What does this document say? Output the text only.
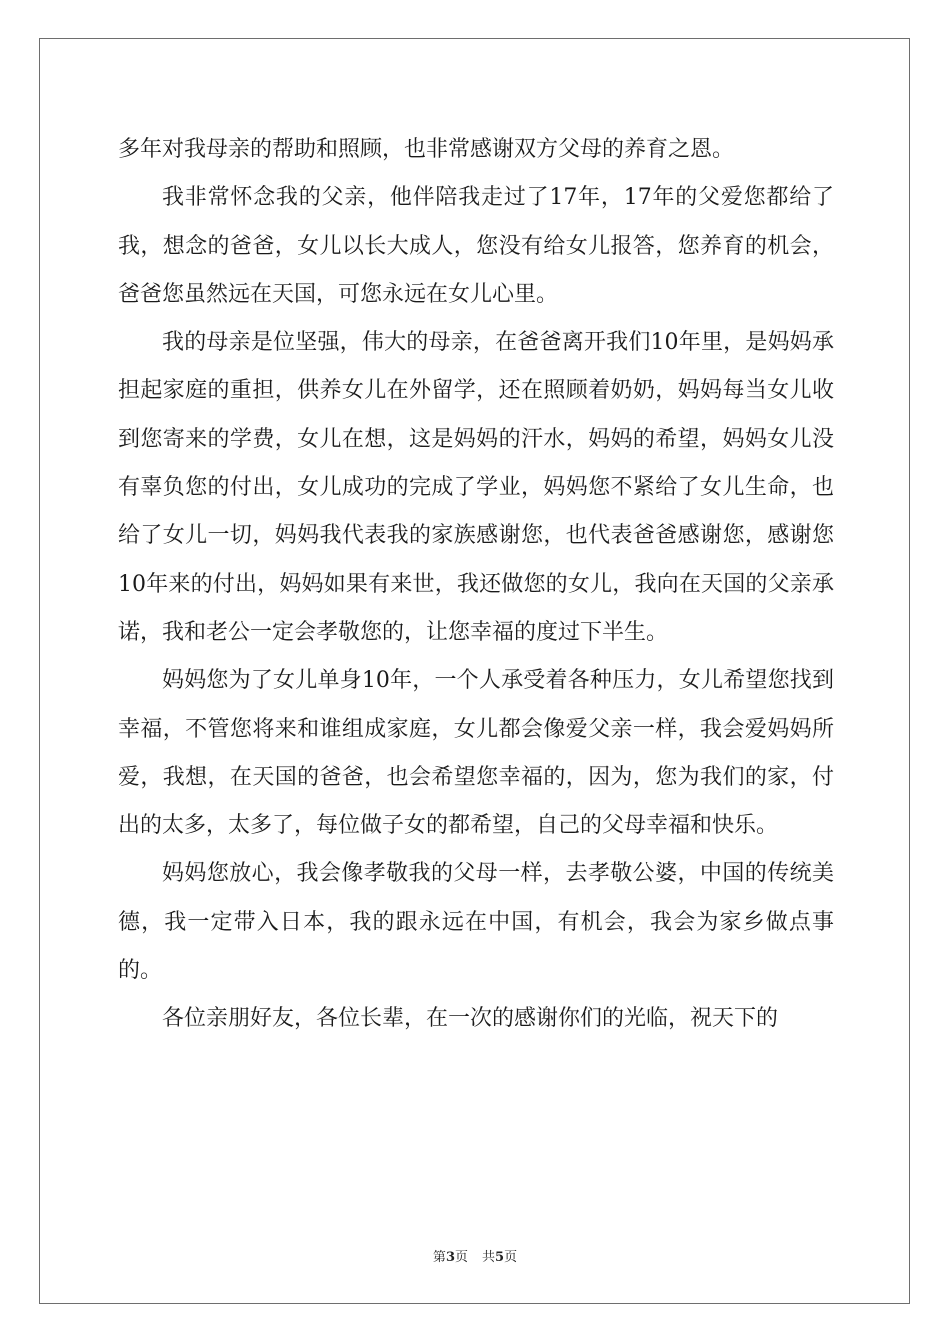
多年对我母亲的帮助和照顾，也非常感谢双方父母的养育之恩。

我非常怀念我的父亲，他伴陪我走过了17年，17年的父爱您都给了我，想念的爸爸，女儿以长大成人，您没有给女儿报答，您养育的机会，爸爸您虽然远在天国，可您永远在女儿心里。

我的母亲是位坚强，伟大的母亲，在爸爸离开我们10年里，是妈妈承担起家庭的重担，供养女儿在外留学，还在照顾着奶奶，妈妈每当女儿收到您寄来的学费，女儿在想，这是妈妈的汗水，妈妈的希望，妈妈女儿没有辜负您的付出，女儿成功的完成了学业，妈妈您不紧给了女儿生命，也给了女儿一切，妈妈我代表我的家族感谢您，也代表爸爸感谢您，感谢您10年来的付出，妈妈如果有来世，我还做您的女儿，我向在天国的父亲承诺，我和老公一定会孝敬您的，让您幸福的度过下半生。

妈妈您为了女儿单身10年，一个人承受着各种压力，女儿希望您找到幸福，不管您将来和谁组成家庭，女儿都会像爱父亲一样，我会爱妈妈所爱，我想，在天国的爸爸，也会希望您幸福的，因为，您为我们的家，付出的太多，太多了，每位做子女的都希望，自己的父母幸福和快乐。

妈妈您放心，我会像孝敬我的父母一样，去孝敬公婆，中国的传统美德，我一定带入日本，我的跟永远在中国，有机会，我会为家乡做点事的。

各位亲朋好友，各位长辈，在一次的感谢你们的光临，祝天下的

第3页 共5页
